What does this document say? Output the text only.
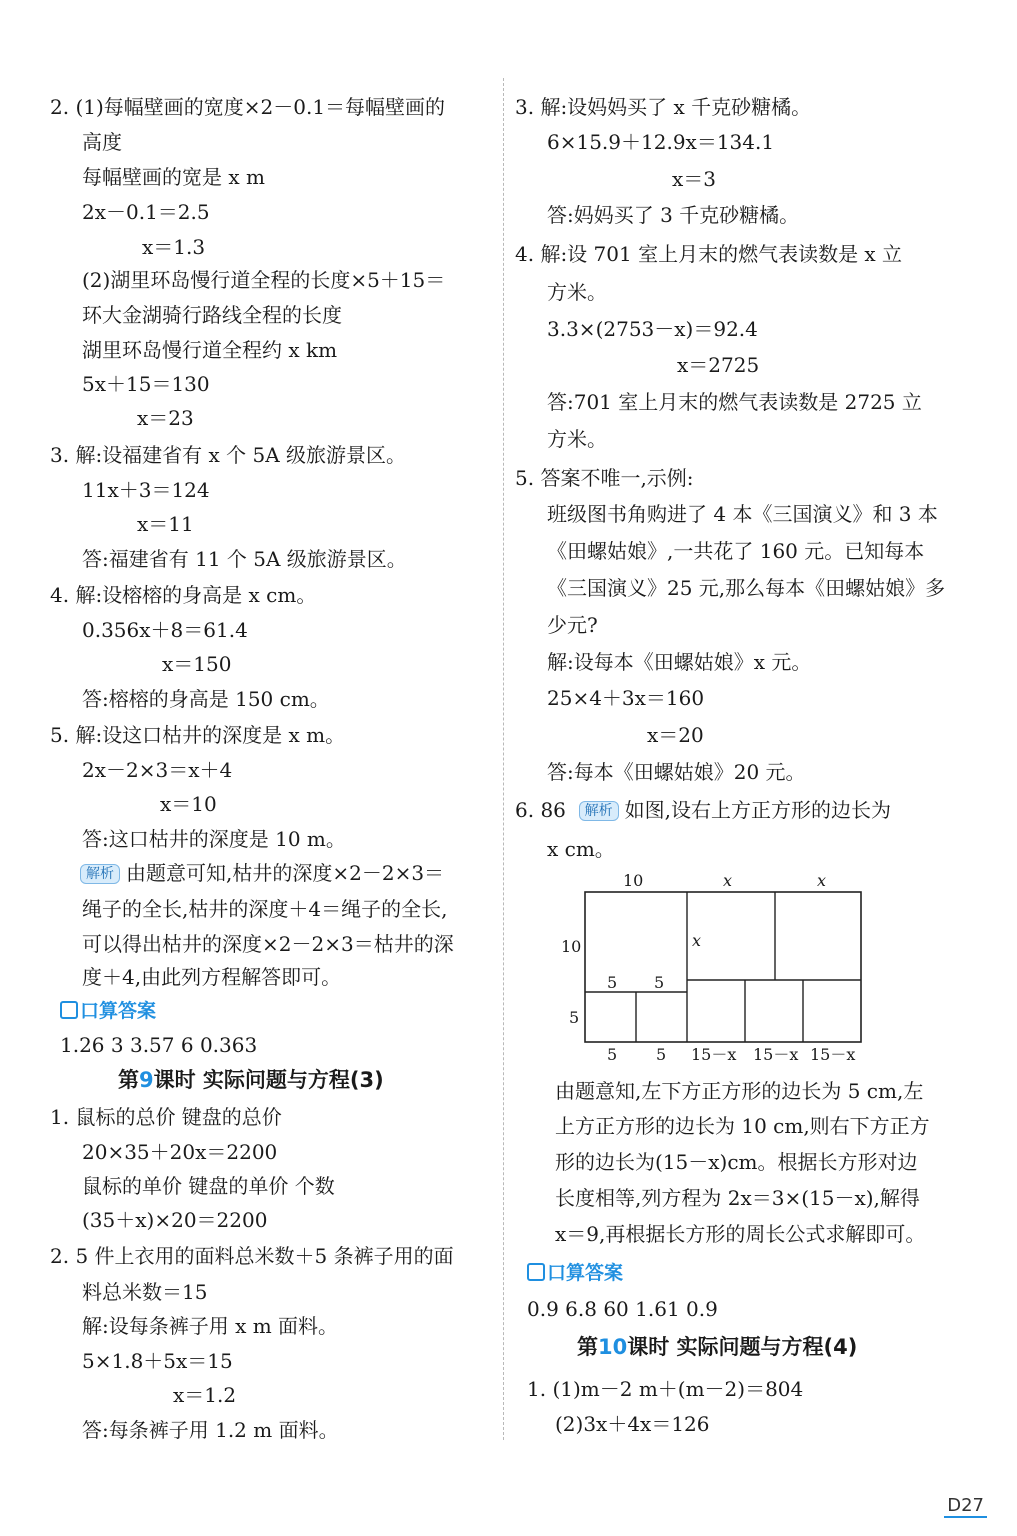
2. (1)每幅壁画的宽度×2－0.1＝每幅壁画的
高度
每幅壁画的宽是 x m
2x－0.1＝2.5
x＝1.3
(2)湖里环岛慢行道全程的长度×5＋15＝
环大金湖骑行路线全程的长度
湖里环岛慢行道全程约 x km
5x＋15＝130
x＝23
3. 解:设福建省有 x 个 5A 级旅游景区。
11x＋3＝124
x＝11
答:福建省有 11 个 5A 级旅游景区。
4. 解:设榕榕的身高是 x cm。
0.356x＋8＝61.4
x＝150
答:榕榕的身高是 150 cm。
5. 解:设这口枯井的深度是 x m。
2x－2×3＝x＋4
x＝10
答:这口枯井的深度是 10 m。
解析 由题意可知,枯井的深度×2－2×3＝
绳子的全长,枯井的深度＋4＝绳子的全长,
可以得出枯井的深度×2－2×3＝枯井的深
度＋4,由此列方程解答即可。
口算答案
1.26 3 3.57 6 0.363
第9课时 实际问题与方程(3)
1. 鼠标的总价 键盘的总价
20×35＋20x＝2200
鼠标的单价 键盘的单价 个数
(35＋x)×20＝2200
2. 5 件上衣用的面料总米数＋5 条裤子用的面
料总米数＝15
解:设每条裤子用 x m 面料。
5×1.8＋5x＝15
x＝1.2
答:每条裤子用 1.2 m 面料。
3. 解:设妈妈买了 x 千克砂糖橘。
6×15.9＋12.9x＝134.1
x＝3
答:妈妈买了 3 千克砂糖橘。
4. 解:设 701 室上月末的燃气表读数是 x 立
方米。
3.3×(2753－x)＝92.4
x＝2725
答:701 室上月末的燃气表读数是 2725 立
方米。
5. 答案不唯一,示例:
班级图书角购进了 4 本《三国演义》和 3 本
《田螺姑娘》,一共花了 160 元。已知每本
《三国演义》25 元,那么每本《田螺姑娘》多
少元?
解:设每本《田螺姑娘》x 元。
25×4＋3x＝160
x＝20
答:每本《田螺姑娘》20 元。
6. 86 解析 如图,设右上方正方形的边长为
x cm。
10	x	x
10
5
x
5 5
5 5 15－x 15－x 15－x
由题意知,左下方正方形的边长为 5 cm,左
上方正方形的边长为 10 cm,则右下方正方
形的边长为(15－x)cm。根据长方形对边
长度相等,列方程为 2x＝3×(15－x),解得
x＝9,再根据长方形的周长公式求解即可。
口算答案
0.9 6.8 60 1.61 0.9
第10课时 实际问题与方程(4)
1. (1)m－2 m＋(m－2)＝804
(2)3x＋4x＝126
D27
